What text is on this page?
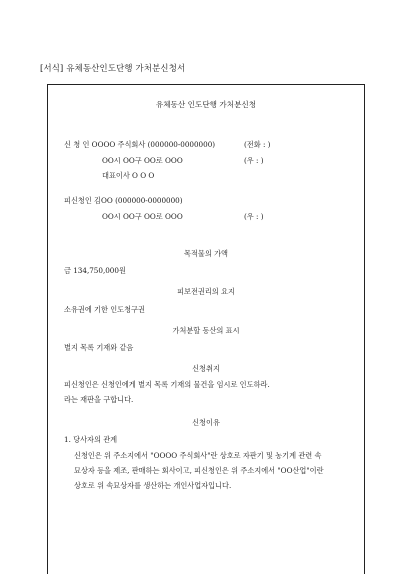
[서식] 유체동산인도단행 가처분신청서
유체동산 인도단행 가처분신청
신 청 인 OOOO 주식회사 (000000-0000000)	(전화 : )
OO시 OO구 OO로 OOO	(우 : )
대표이사 O O O
피신청인 김OO (000000-0000000)
OO시 OO구 OO로 OOO	(우 : )
목적물의 가액
금 134,750,000원
피보전권리의 요지
소유권에 기한 인도청구권
가처분할 동산의 표시
별지 목록 기재와 같음
신청취지
피신청인은 신청인에게 별지 목록 기재의 물건을 임시로 인도하라.
라는 재판을 구합니다.
신청이유
1. 당사자의 관계
신청인은 위 주소지에서 "OOOO 주식회사"란 상호로 자판기 및 농기계 관련 속
묘상자 등을 제조, 판매하는 회사이고, 피신청인은 위 주소지에서 "OO산업"이란
상호로 위 속묘상자를 생산하는 개인사업자입니다.
